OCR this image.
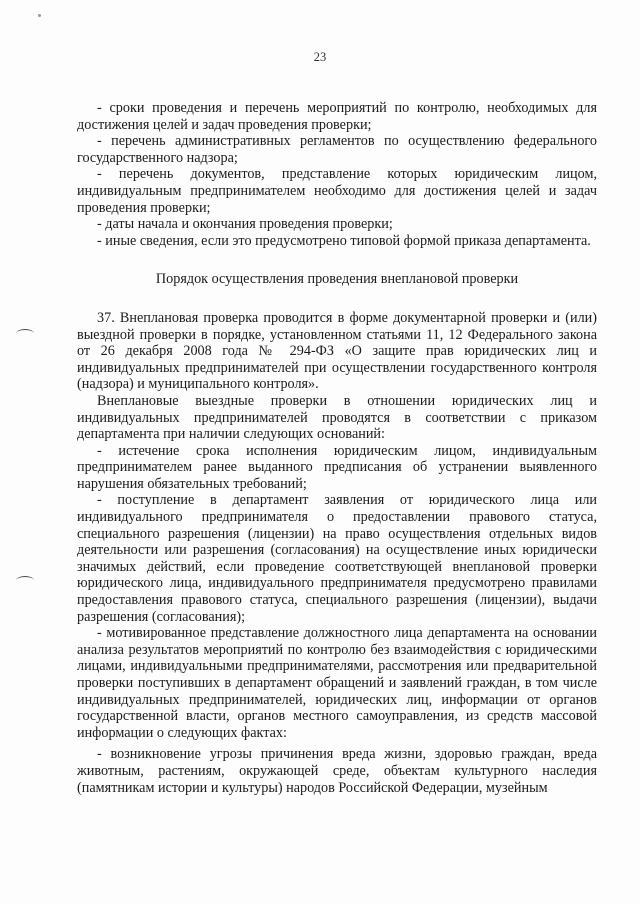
23

- сроки проведения и перечень мероприятий по контролю, необходимых для достижения целей и задач проведения проверки;

- перечень административных регламентов по осуществлению федерального государственного надзора;

- перечень документов, представление которых юридическим лицом, индивидуальным предпринимателем необходимо для достижения целей и задач проведения проверки;

- даты начала и окончания проведения проверки;

- иные сведения, если это предусмотрено типовой формой приказа департамента.

Порядок осуществления проведения внеплановой проверки

37. Внеплановая проверка проводится в форме документарной проверки и (или) выездной проверки в порядке, установленном статьями 11, 12 Федерального закона от 26 декабря 2008 года № 294-ФЗ «О защите прав юридических лиц и индивидуальных предпринимателей при осуществлении государственного контроля (надзора) и муниципального контроля».

Внеплановые выездные проверки в отношении юридических лиц и индивидуальных предпринимателей проводятся в соответствии с приказом департамента при наличии следующих оснований:

- истечение срока исполнения юридическим лицом, индивидуальным предпринимателем ранее выданного предписания об устранении выявленного нарушения обязательных требований;

- поступление в департамент заявления от юридического лица или индивидуального предпринимателя о предоставлении правового статуса, специального разрешения (лицензии) на право осуществления отдельных видов деятельности или разрешения (согласования) на осуществление иных юридически значимых действий, если проведение соответствующей внеплановой проверки юридического лица, индивидуального предпринимателя предусмотрено правилами предоставления правового статуса, специального разрешения (лицензии), выдачи разрешения (согласования);

- мотивированное представление должностного лица департамента на основании анализа результатов мероприятий по контролю без взаимодействия с юридическими лицами, индивидуальными предпринимателями, рассмотрения или предварительной проверки поступивших в департамент обращений и заявлений граждан, в том числе индивидуальных предпринимателей, юридических лиц, информации от органов государственной власти, органов местного самоуправления, из средств массовой информации о следующих фактах:

- возникновение угрозы причинения вреда жизни, здоровью граждан, вреда животным, растениям, окружающей среде, объектам культурного наследия (памятникам истории и культуры) народов Российской Федерации, музейным
